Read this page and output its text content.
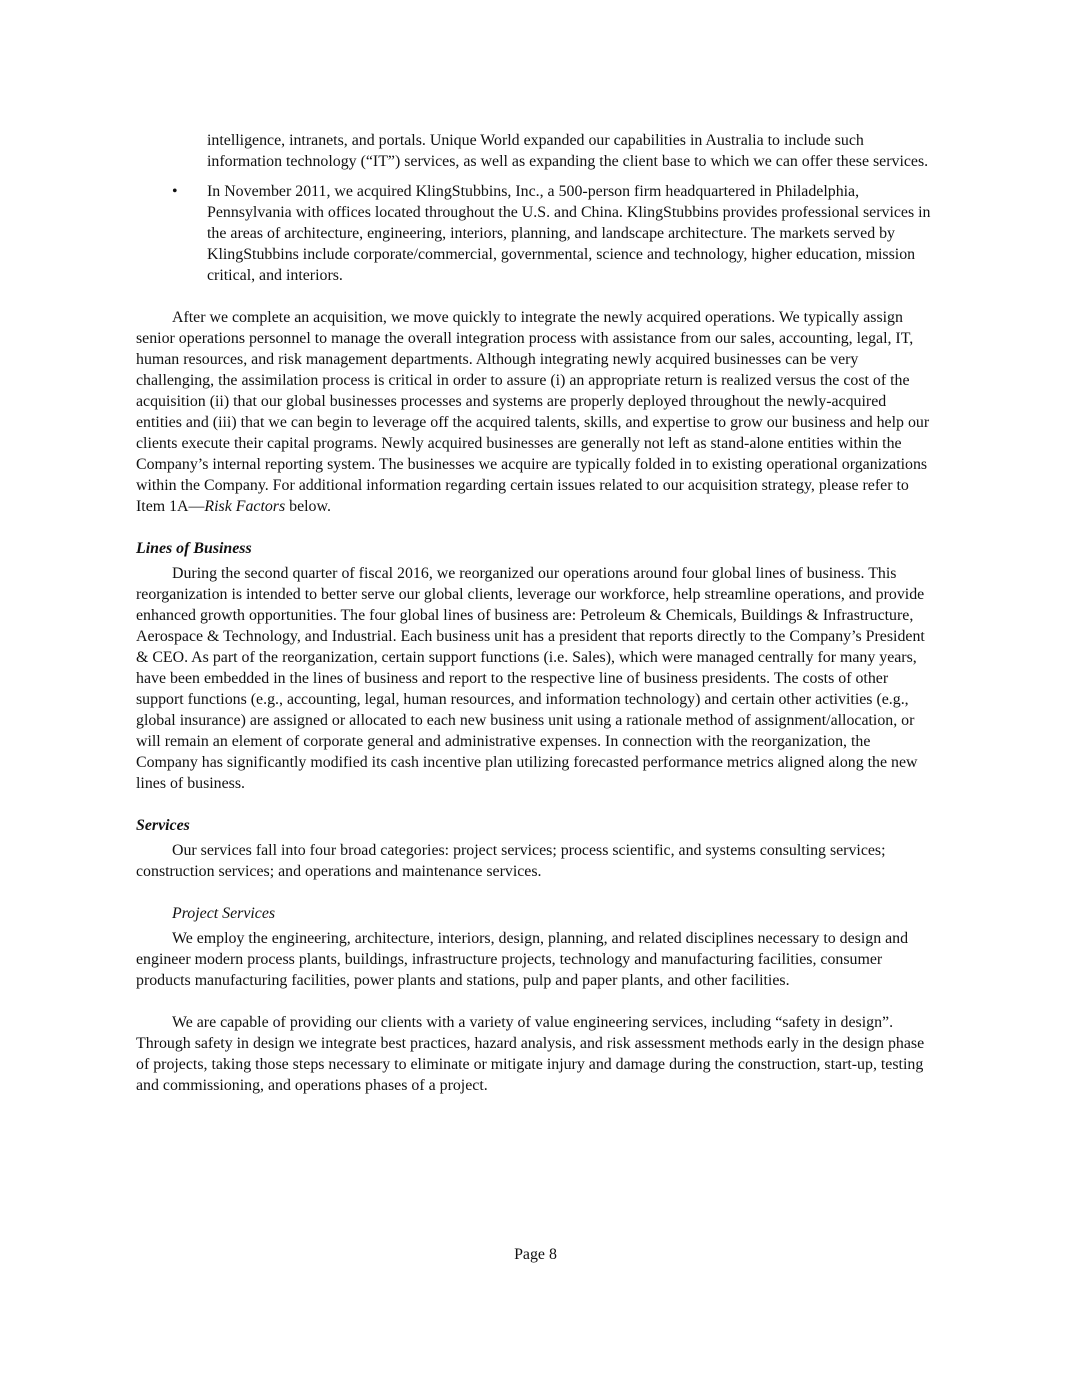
intelligence, intranets, and portals. Unique World expanded our capabilities in Australia to include such information technology (“IT”) services, as well as expanding the client base to which we can offer these services.

• In November 2011, we acquired KlingStubbins, Inc., a 500-person firm headquartered in Philadelphia, Pennsylvania with offices located throughout the U.S. and China. KlingStubbins provides professional services in the areas of architecture, engineering, interiors, planning, and landscape architecture. The markets served by KlingStubbins include corporate/commercial, governmental, science and technology, higher education, mission critical, and interiors.

After we complete an acquisition, we move quickly to integrate the newly acquired operations. We typically assign senior operations personnel to manage the overall integration process with assistance from our sales, accounting, legal, IT, human resources, and risk management departments. Although integrating newly acquired businesses can be very challenging, the assimilation process is critical in order to assure (i) an appropriate return is realized versus the cost of the acquisition (ii) that our global businesses processes and systems are properly deployed throughout the newly-acquired entities and (iii) that we can begin to leverage off the acquired talents, skills, and expertise to grow our business and help our clients execute their capital programs. Newly acquired businesses are generally not left as stand-alone entities within the Company’s internal reporting system. The businesses we acquire are typically folded in to existing operational organizations within the Company. For additional information regarding certain issues related to our acquisition strategy, please refer to Item 1A—Risk Factors below.

Lines of Business

During the second quarter of fiscal 2016, we reorganized our operations around four global lines of business. This reorganization is intended to better serve our global clients, leverage our workforce, help streamline operations, and provide enhanced growth opportunities. The four global lines of business are: Petroleum & Chemicals, Buildings & Infrastructure, Aerospace & Technology, and Industrial. Each business unit has a president that reports directly to the Company’s President & CEO. As part of the reorganization, certain support functions (i.e. Sales), which were managed centrally for many years, have been embedded in the lines of business and report to the respective line of business presidents. The costs of other support functions (e.g., accounting, legal, human resources, and information technology) and certain other activities (e.g., global insurance) are assigned or allocated to each new business unit using a rationale method of assignment/allocation, or will remain an element of corporate general and administrative expenses. In connection with the reorganization, the Company has significantly modified its cash incentive plan utilizing forecasted performance metrics aligned along the new lines of business.

Services

Our services fall into four broad categories: project services; process scientific, and systems consulting services; construction services; and operations and maintenance services.

Project Services

We employ the engineering, architecture, interiors, design, planning, and related disciplines necessary to design and engineer modern process plants, buildings, infrastructure projects, technology and manufacturing facilities, consumer products manufacturing facilities, power plants and stations, pulp and paper plants, and other facilities.

We are capable of providing our clients with a variety of value engineering services, including “safety in design”. Through safety in design we integrate best practices, hazard analysis, and risk assessment methods early in the design phase of projects, taking those steps necessary to eliminate or mitigate injury and damage during the construction, start-up, testing and commissioning, and operations phases of a project.

Page 8
